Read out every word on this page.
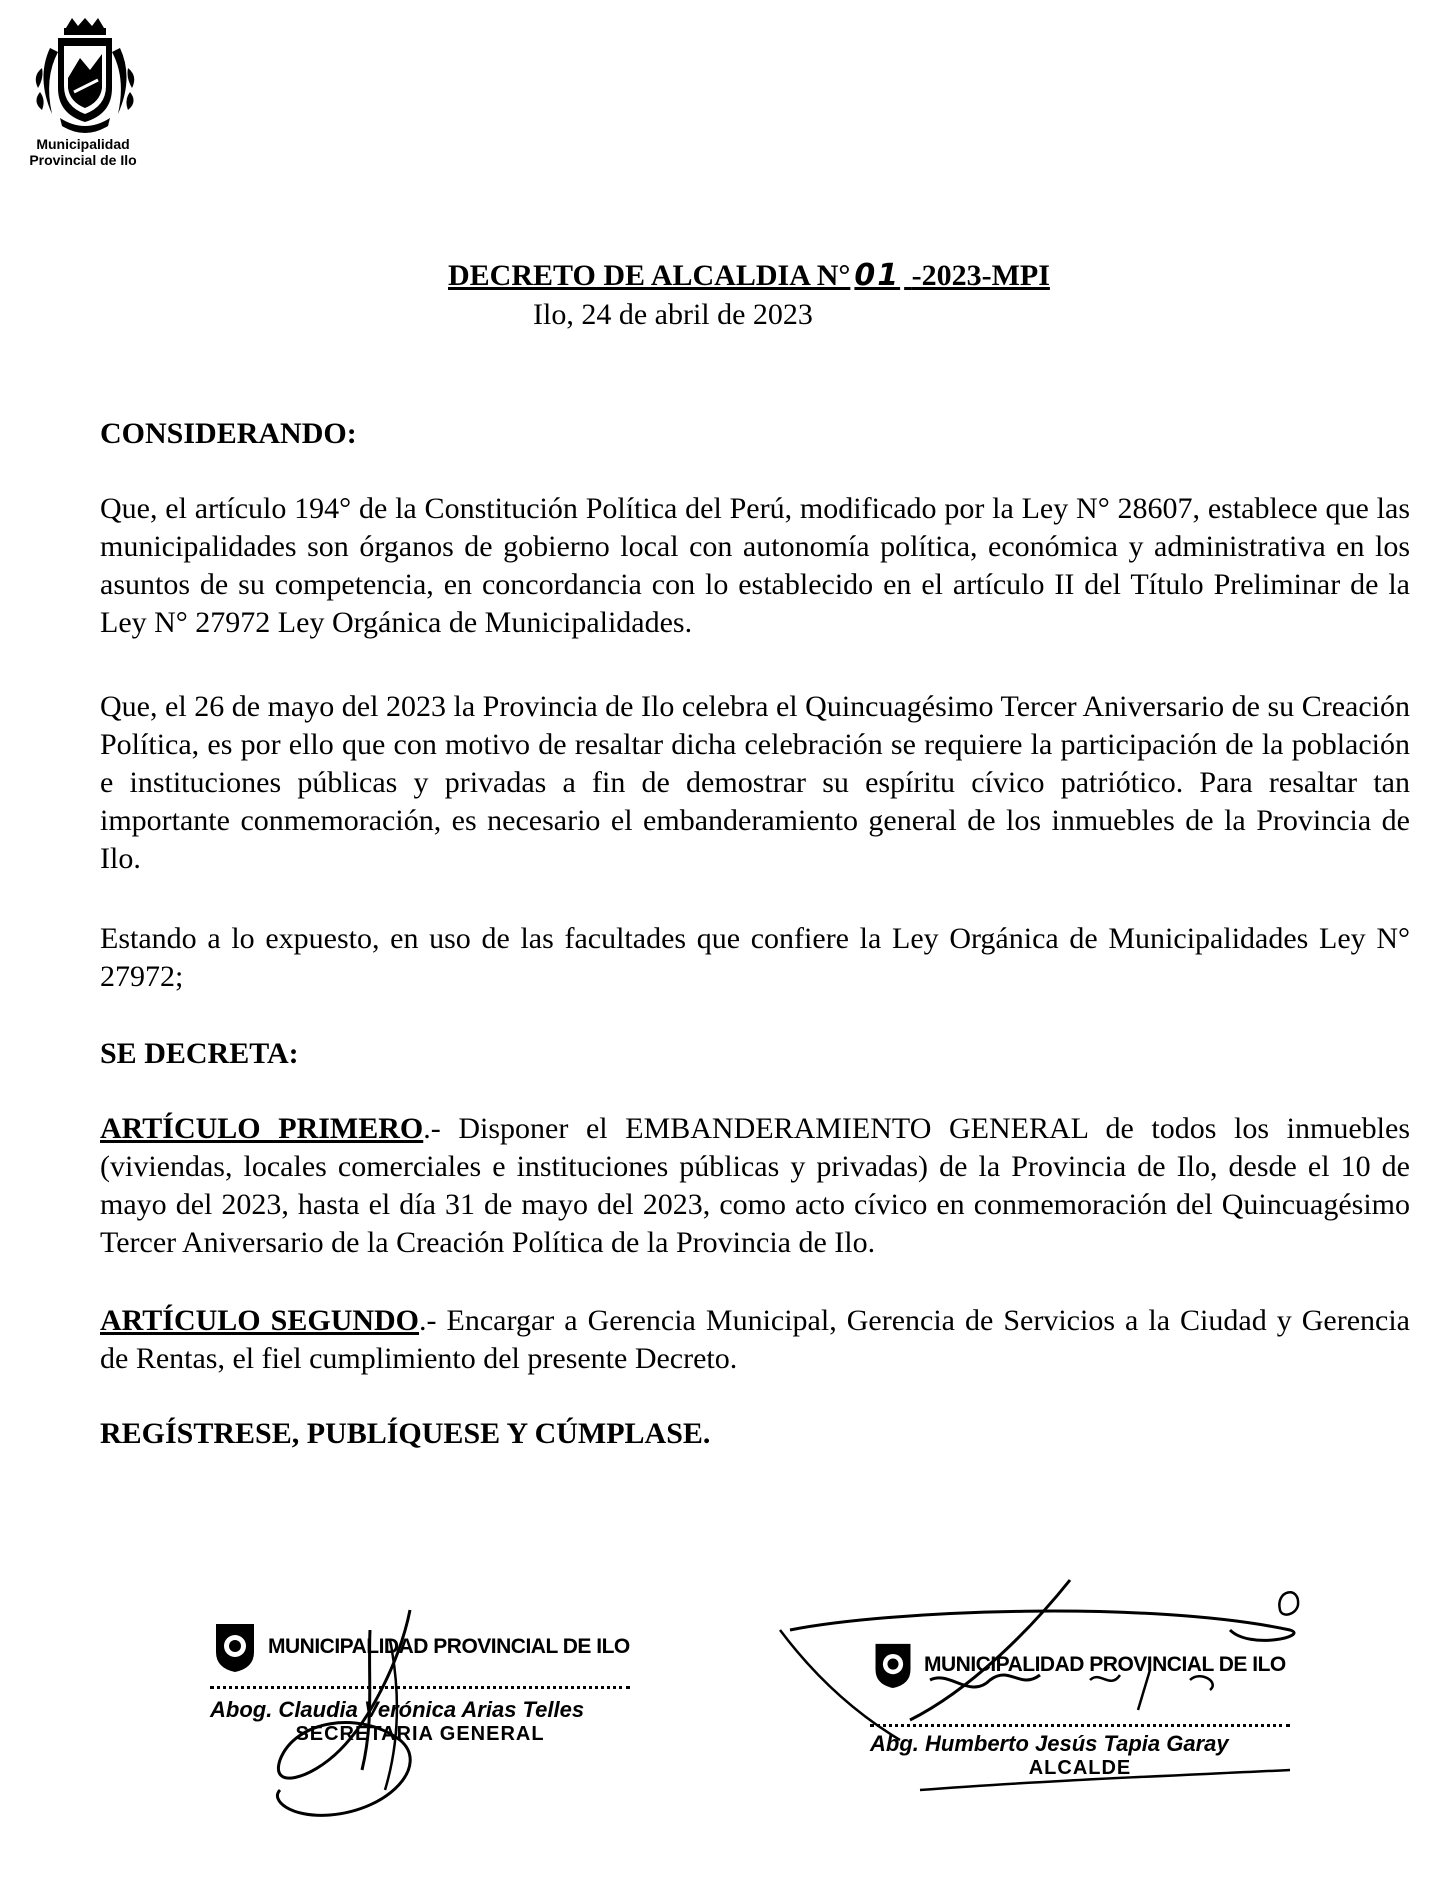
Municipalidad
Provincial de Ilo
DECRETO DE ALCALDIA N° 01 -2023-MPI
Ilo, 24 de abril de 2023
CONSIDERANDO:

Que, el artículo 194° de la Constitución Política del Perú, modificado por la Ley N° 28607, establece que las municipalidades son órganos de gobierno local con autonomía política, económica y administrativa en los asuntos de su competencia, en concordancia con lo establecido en el artículo II del Título Preliminar de la Ley N° 27972 Ley Orgánica de Municipalidades.

Que, el 26 de mayo del 2023 la Provincia de Ilo celebra el Quincuagésimo Tercer Aniversario de su Creación Política, es por ello que con motivo de resaltar dicha celebración se requiere la participación de la población e instituciones públicas y privadas a fin de demostrar su espíritu cívico patriótico. Para resaltar tan importante conmemoración, es necesario el embanderamiento general de los inmuebles de la Provincia de Ilo.

Estando a lo expuesto, en uso de las facultades que confiere la Ley Orgánica de Municipalidades Ley N° 27972;

SE DECRETA:

ARTÍCULO PRIMERO.- Disponer el EMBANDERAMIENTO GENERAL de todos los inmuebles (viviendas, locales comerciales e instituciones públicas y privadas) de la Provincia de Ilo, desde el 10 de mayo del 2023, hasta el día 31 de mayo del 2023, como acto cívico en conmemoración del Quincuagésimo Tercer Aniversario de la Creación Política de la Provincia de Ilo.

ARTÍCULO SEGUNDO.- Encargar a Gerencia Municipal, Gerencia de Servicios a la Ciudad y Gerencia de Rentas, el fiel cumplimiento del presente Decreto.

REGÍSTRESE, PUBLÍQUESE Y CÚMPLASE.
MUNICIPALIDAD PROVINCIAL DE ILO
Abog. Claudia Verónica Arias Telles
SECRETARIA GENERAL
MUNICIPALIDAD PROVINCIAL DE ILO
Abg. Humberto Jesús Tapia Garay
ALCALDE
